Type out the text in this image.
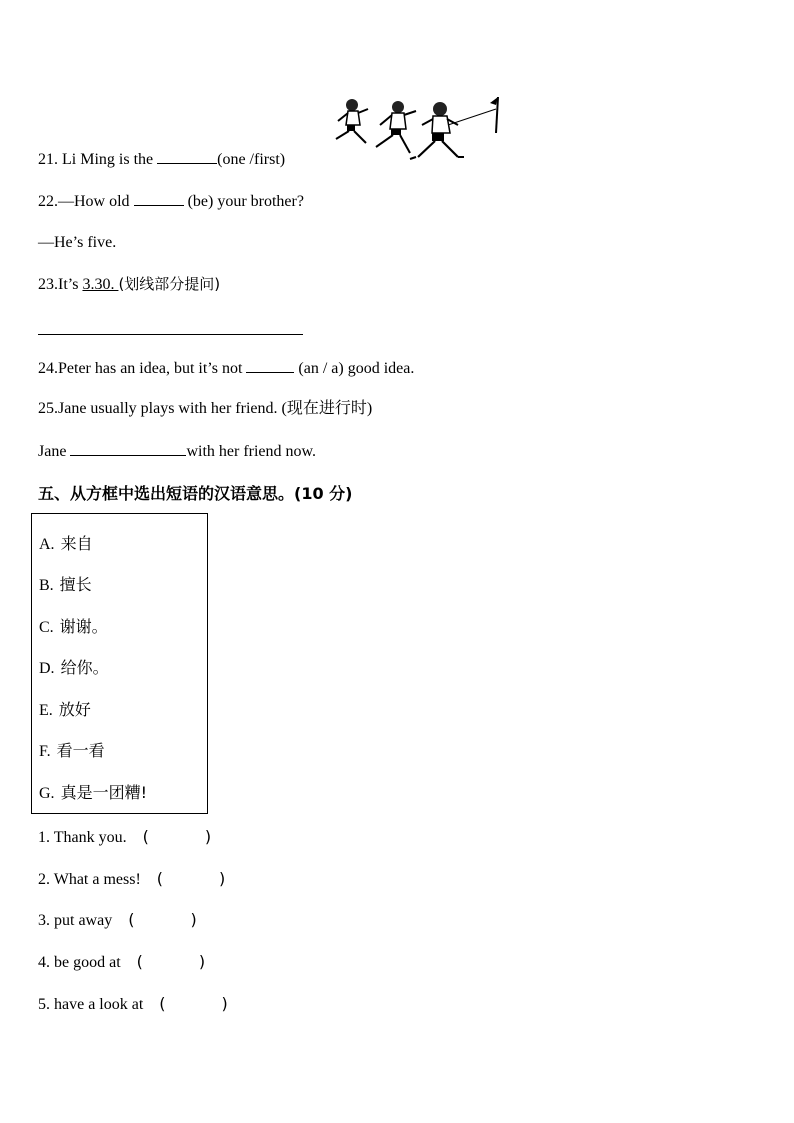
21. Li Ming is the	(one /first)
22.—How old	(be) your brother?
—He’s five.
23.It’s 3.30. (划线部分提问)
24.Peter has an idea, but it’s not	(an / a) good idea.
25.Jane usually plays with her friend. (现在进行时)
Jane	with her friend now.
五、从方框中选出短语的汉语意思。(10 分)
A. 来自
B. 擅长
C. 谢谢。
D. 给你。
E. 放好
F. 看一看
G. 真是一团糟!
1. Thank you. (	)
2. What a mess! (	)
3. put away (	)
4. be good at (	)
5. have a look at (	)
